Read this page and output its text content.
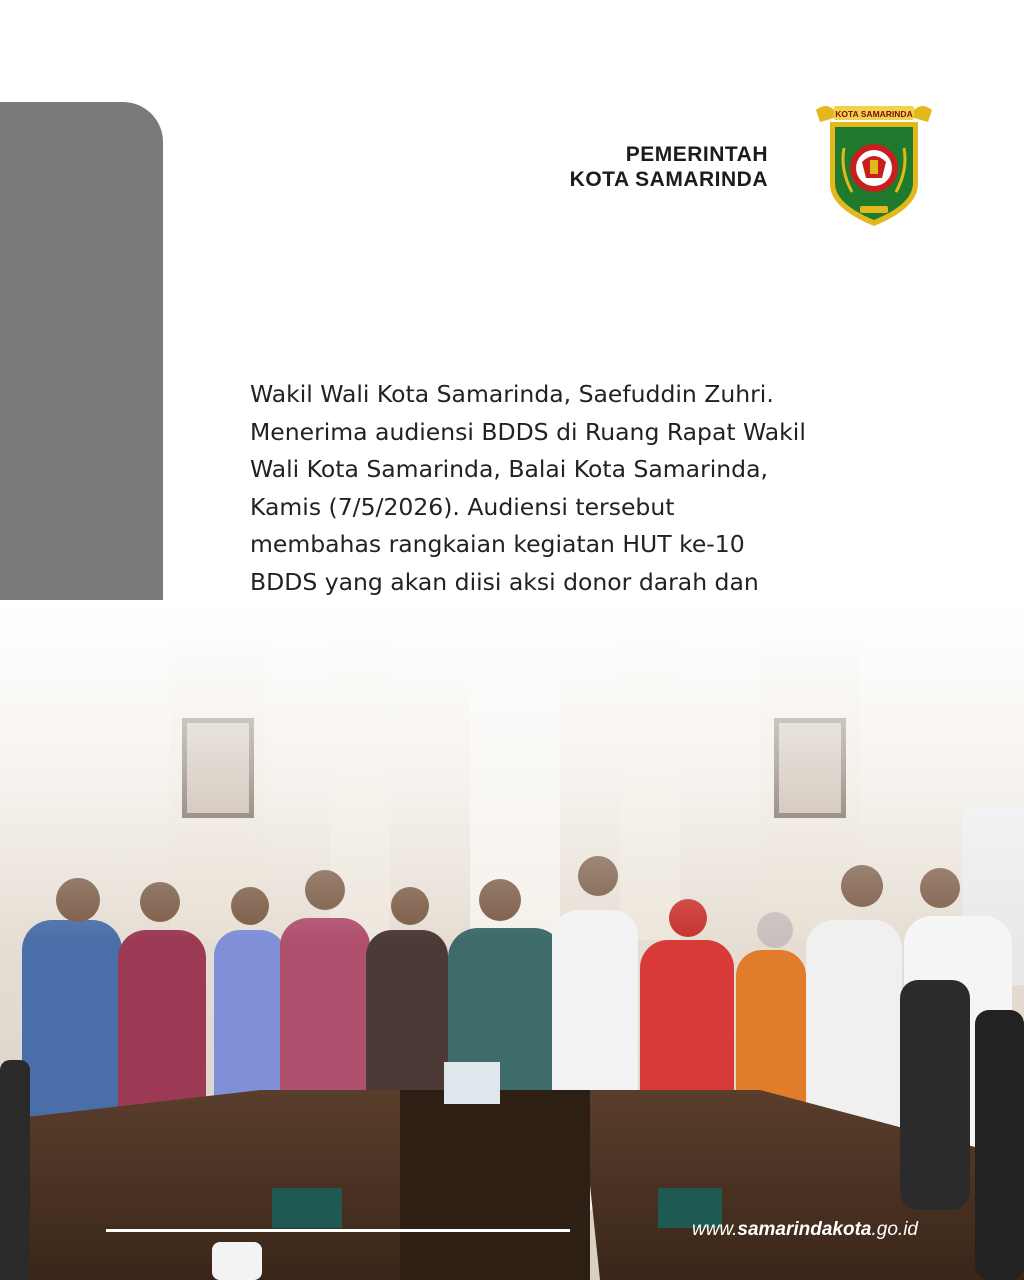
PEMERINTAH
KOTA SAMARINDA
KOTA SAMARINDA
Wakil Wali Kota Samarinda, Saefuddin Zuhri.
Menerima audiensi BDDS di Ruang Rapat Wakil
Wali Kota Samarinda, Balai Kota Samarinda,
Kamis (7/5/2026). Audiensi tersebut
membahas rangkaian kegiatan HUT ke-10
BDDS yang akan diisi aksi donor darah dan

www.samarindakota.go.id
